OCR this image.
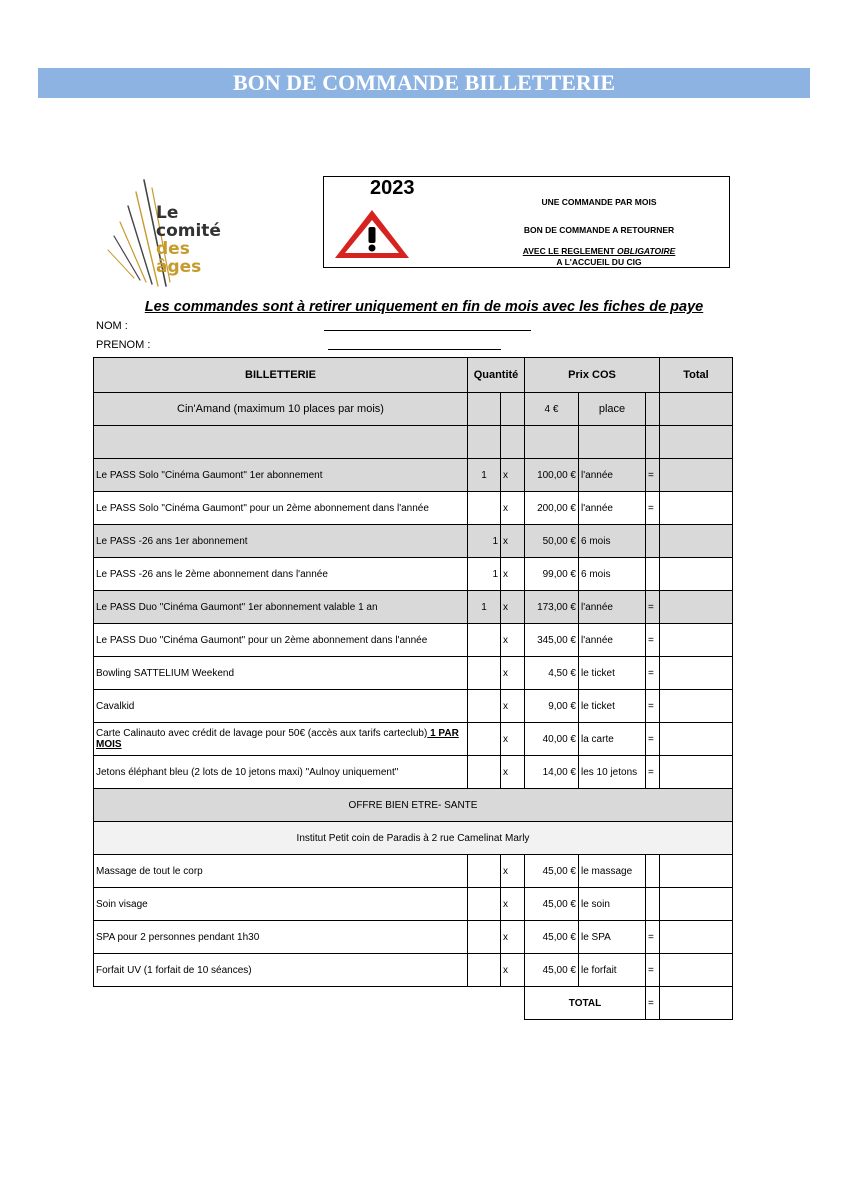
BON DE COMMANDE BILLETTERIE
Le
comité
des
âges
2023
UNE COMMANDE PAR MOIS
BON DE COMMANDE A RETOURNER
AVEC LE REGLEMENT OBLIGATOIRE
A L'ACCUEIL DU CIG
Les commandes sont à retirer uniquement en fin de mois avec les fiches de paye
NOM :
PRENOM :
BILLETTERIE	Quantité		Prix COS			Total
Cin'Amand (maximum 10 places par mois)			4 €	place		

Le PASS Solo "Cinéma Gaumont" 1er abonnement	1	x	100,00 €	l'année	=	
Le PASS Solo "Cinéma Gaumont" pour un 2ème abonnement dans l'année		x	200,00 €	l'année	=	
Le PASS -26 ans 1er abonnement	1	x	50,00 €	6 mois		
Le PASS -26 ans le 2ème abonnement dans l'année	1	x	99,00 €	6 mois		
Le PASS Duo "Cinéma Gaumont" 1er abonnement valable 1 an	1	x	173,00 €	l'année	=	
Le PASS Duo "Cinéma Gaumont" pour un 2ème abonnement dans l'année		x	345,00 €	l'année	=	
Bowling SATTELIUM Weekend		x	4,50 €	le ticket	=	
Cavalkid		x	9,00 €	le ticket	=	
Carte Calinauto avec crédit de lavage pour 50€ (accès aux tarifs carteclub) 1 PAR MOIS		x	40,00 €	la carte	=	
Jetons éléphant bleu (2 lots de 10 jetons maxi) "Aulnoy uniquement"		x	14,00 €	les 10 jetons	=	
OFFRE BIEN ETRE- SANTE						
Institut Petit coin de Paradis à 2 rue Camelinat Marly						
Massage de tout le corp		x	45,00 €	le massage		
Soin visage		x	45,00 €	le soin		
SPA pour 2 personnes pendant 1h30		x	45,00 €	le SPA	=	
Forfait UV (1 forfait de 10 séances)		x	45,00 €	le forfait	=	
			TOTAL		=	
